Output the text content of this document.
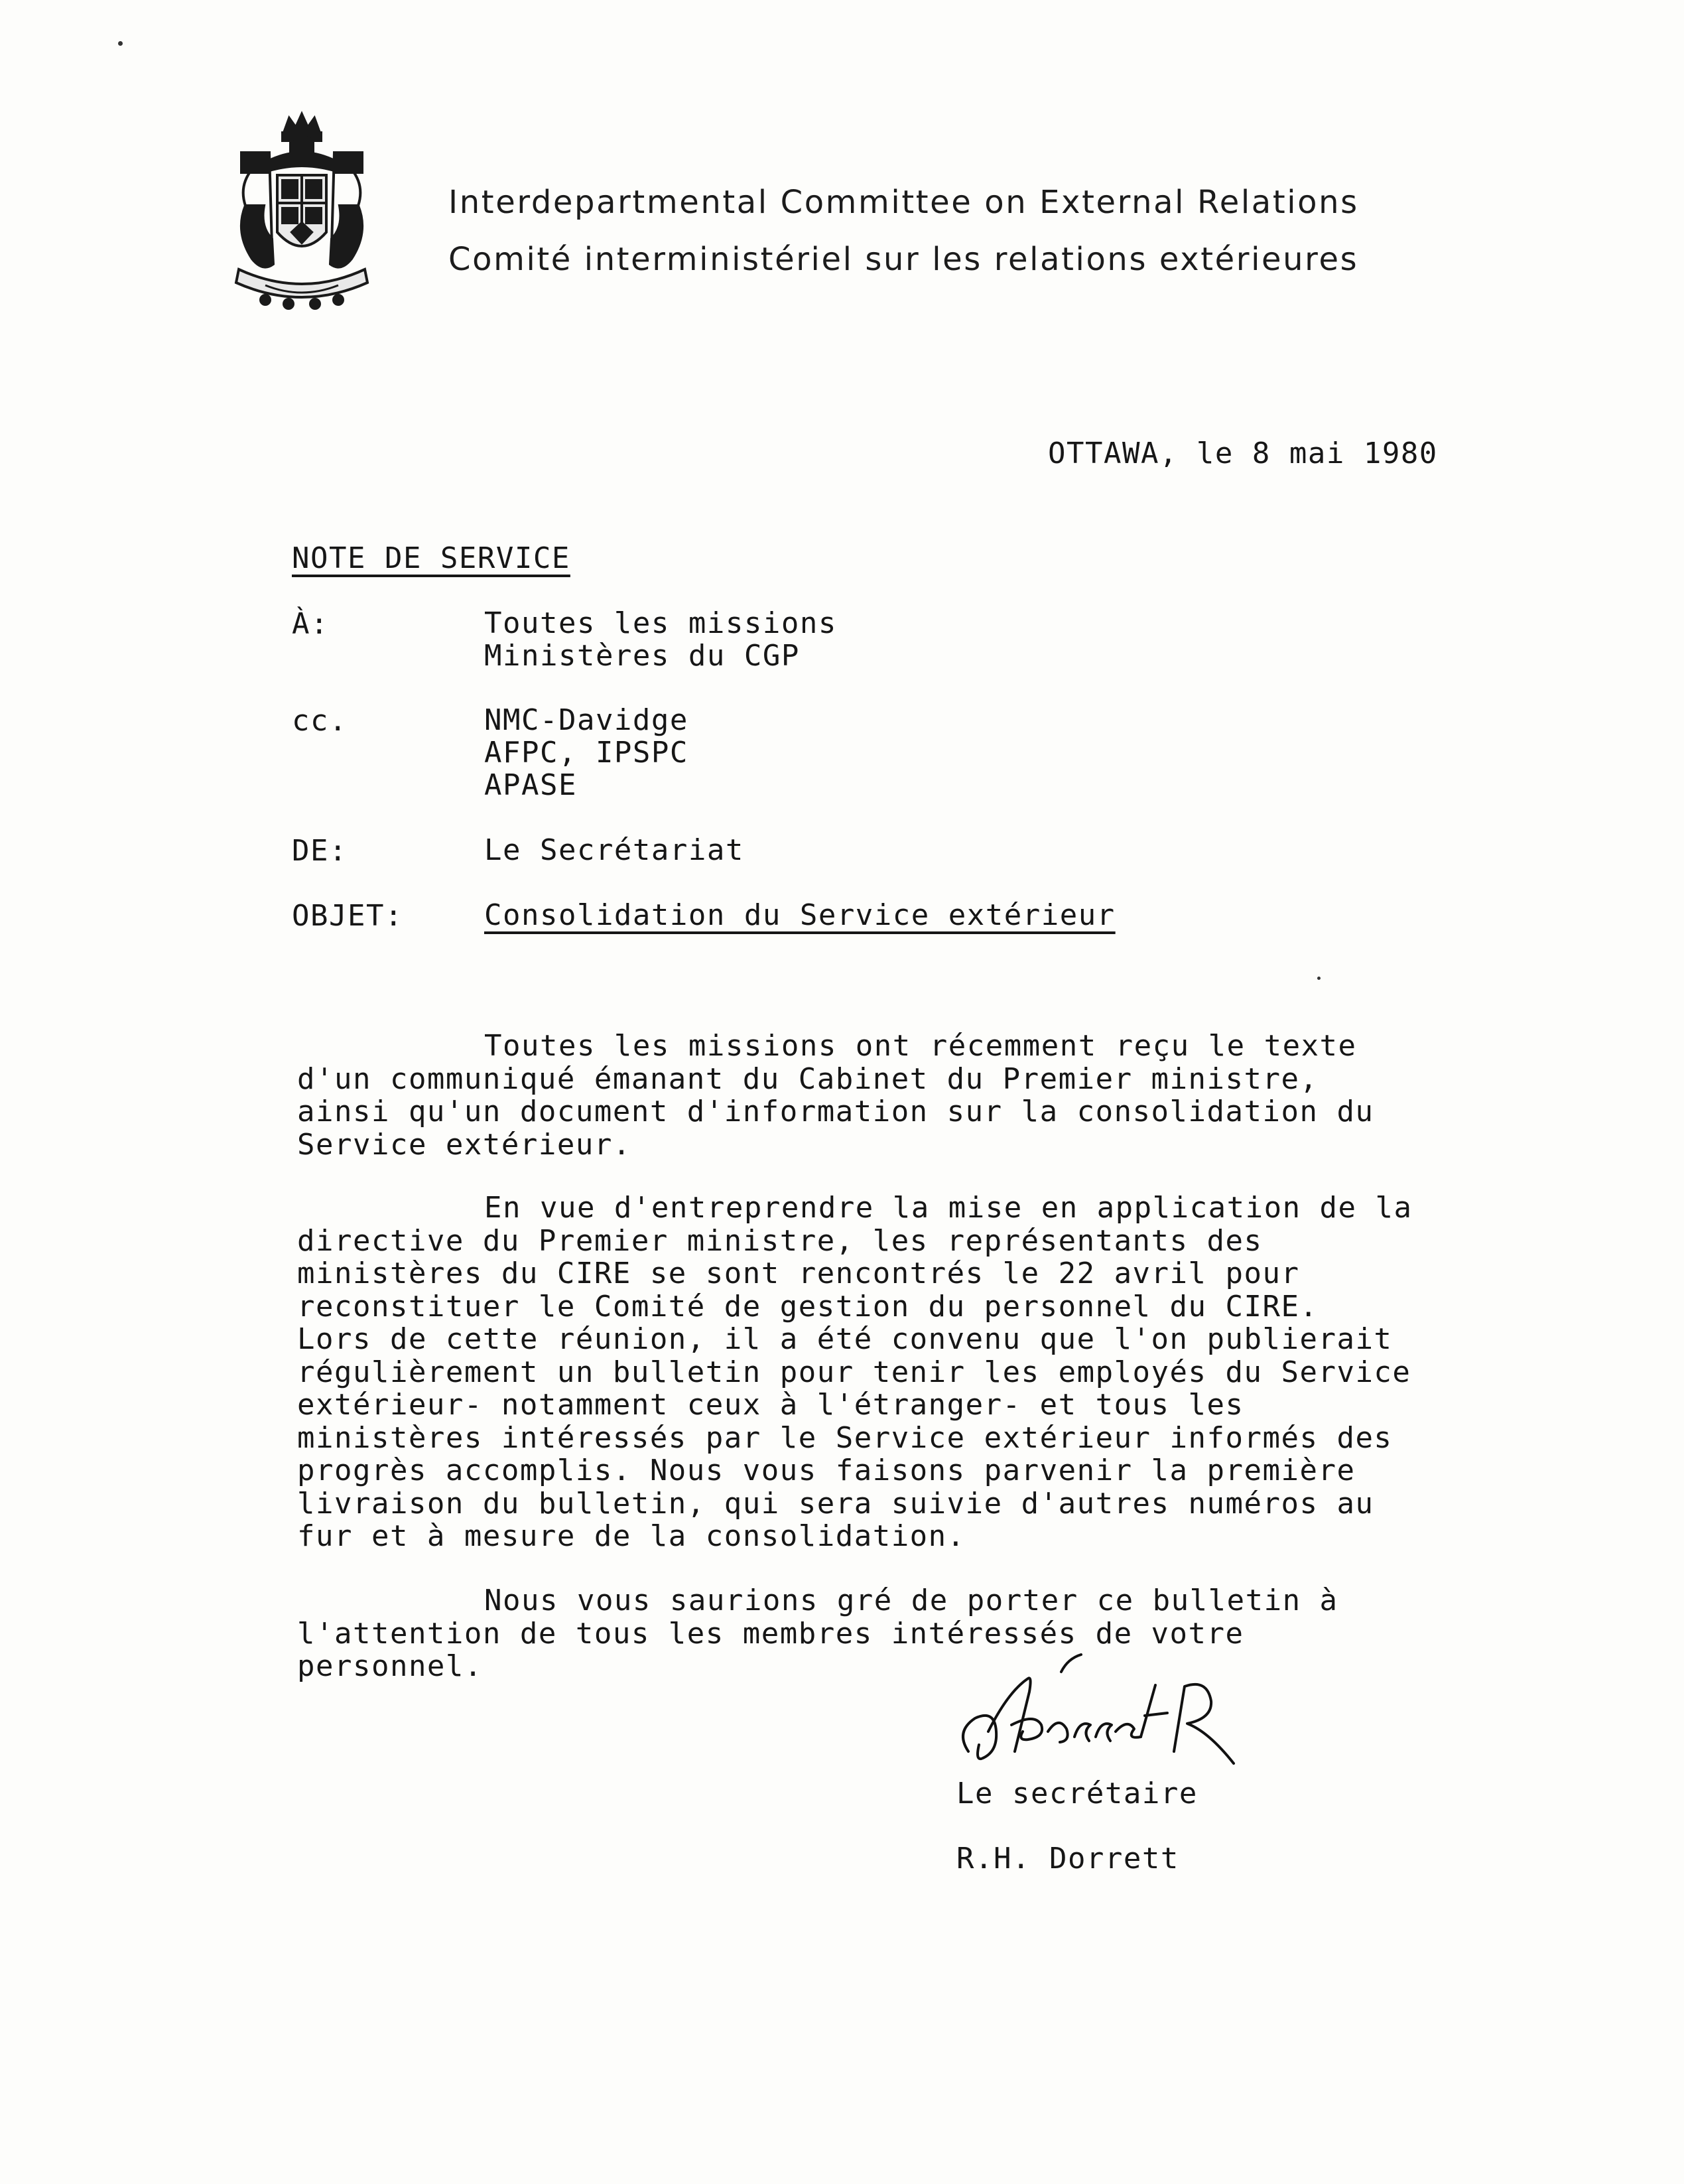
Interdepartmental Committee on External Relations
Comité interministériel sur les relations extérieures
OTTAWA, le 8 mai 1980
NOTE DE SERVICE
À:	Toutes les missions
Ministères du CGP
cc.	NMC-Davidge
AFPC, IPSPC
APASE
DE:	Le Secrétariat
OBJET:	Consolidation du Service extérieur
Toutes les missions ont récemment reçu le texte
d'un communiqué émanant du Cabinet du Premier ministre,
ainsi qu'un document d'information sur la consolidation du
Service extérieur.
En vue d'entreprendre la mise en application de la
directive du Premier ministre, les représentants des
ministères du CIRE se sont rencontrés le 22 avril pour
reconstituer le Comité de gestion du personnel du CIRE.
Lors de cette réunion, il a été convenu que l'on publierait
régulièrement un bulletin pour tenir les employés du Service
extérieur- notamment ceux à l'étranger- et tous les
ministères intéressés par le Service extérieur informés des
progrès accomplis. Nous vous faisons parvenir la première
livraison du bulletin, qui sera suivie d'autres numéros au
fur et à mesure de la consolidation.
Nous vous saurions gré de porter ce bulletin à
l'attention de tous les membres intéressés de votre
personnel.
Le secrétaire
R.H. Dorrett
